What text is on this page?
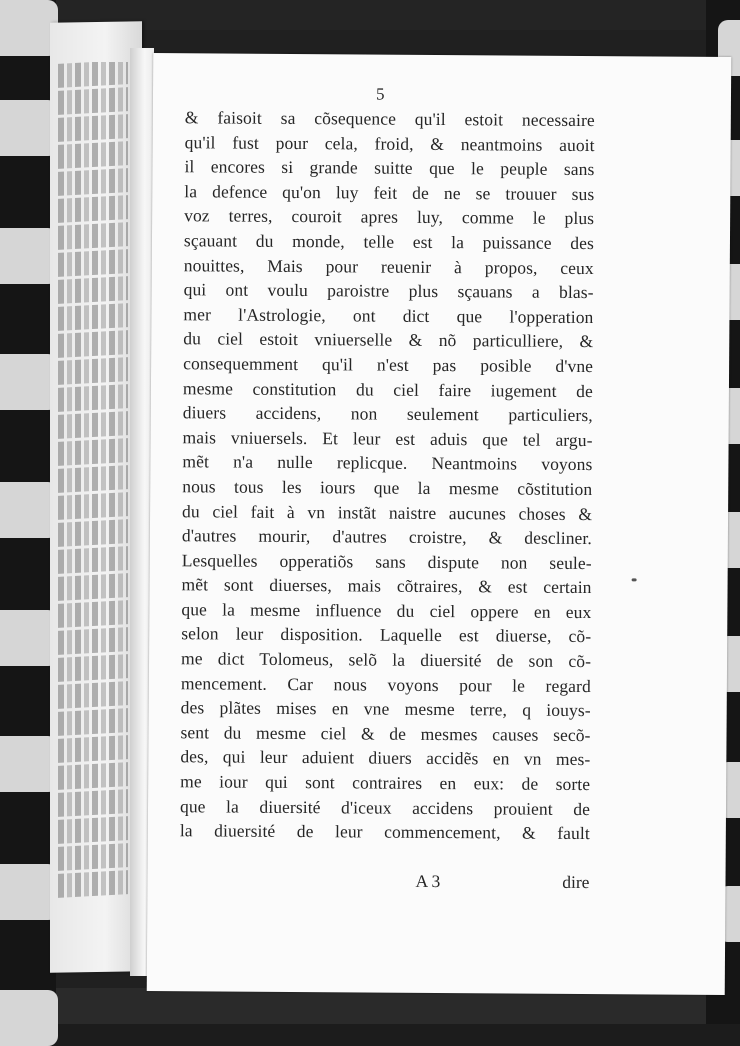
5
& faisoit sa cõsequence qu'il estoit necessaire
qu'il fust pour cela, froid, & neantmoins auoit
il encores si grande suitte que le peuple sans
la defence qu'on luy feit de ne se trouuer sus
voz terres, couroit apres luy, comme le plus
sçauant du monde, telle est la puissance des
nouittes, Mais pour reuenir à propos, ceux
qui ont voulu paroistre plus sçauans a blas-
mer l'Astrologie, ont dict que l'opperation
du ciel estoit vniuerselle & nõ particulliere, &
consequemment qu'il n'est pas posible d'vne
mesme constitution du ciel faire iugement de
diuers accidens, non seulement particuliers,
mais vniuersels. Et leur est aduis que tel argu-
mẽt n'a nulle replicque. Neantmoins voyons
nous tous les iours que la mesme cõstitution
du ciel fait à vn instãt naistre aucunes choses &
d'autres mourir, d'autres croistre, & descliner.
Lesquelles opperatiõs sans dispute non seule-
mẽt sont diuerses, mais cõtraires, & est certain
que la mesme influence du ciel oppere en eux
selon leur disposition. Laquelle est diuerse, cõ-
me dict Tolomeus, selõ la diuersité de son cõ-
mencement. Car nous voyons pour le regard
des plãtes mises en vne mesme terre, q iouys-
sent du mesme ciel & de mesmes causes secõ-
des, qui leur aduient diuers accidẽs en vn mes-
me iour qui sont contraires en eux: de sorte
que la diuersité d'iceux accidens prouient de
la diuersité de leur commencement, & fault
A 3	dire
